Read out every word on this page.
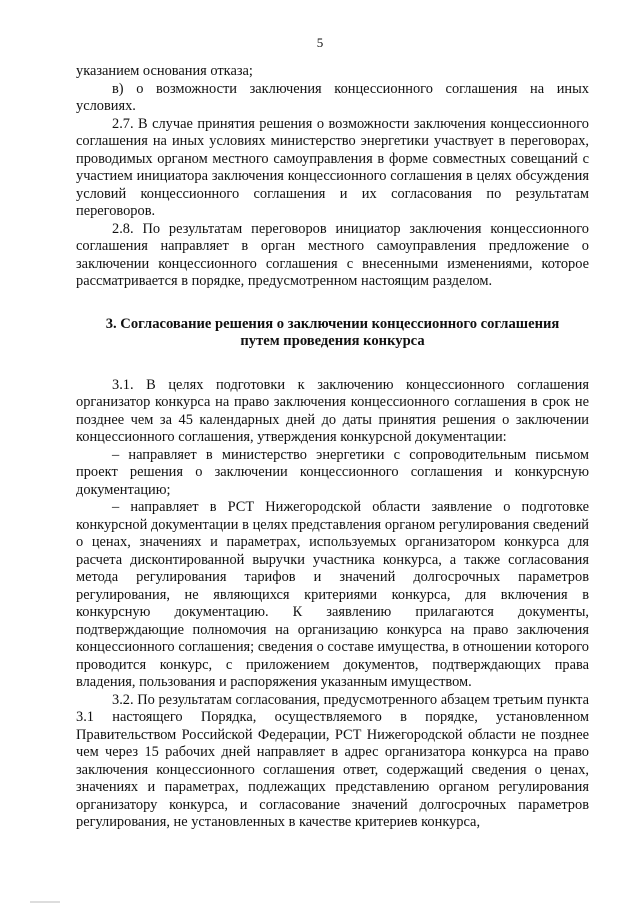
5

указанием основания отказа;

в) о возможности заключения концессионного соглашения на иных условиях.

2.7. В случае принятия решения о возможности заключения концессионного соглашения на иных условиях министерство энергетики участвует в переговорах, проводимых органом местного самоуправления в форме совместных совещаний с участием инициатора заключения концессионного соглашения в целях обсуждения условий концессионного соглашения и их согласования по результатам переговоров.

2.8. По результатам переговоров инициатор заключения концессионного соглашения направляет в орган местного самоуправления предложение о заключении концессионного соглашения с внесенными изменениями, которое рассматривается в порядке, предусмотренном настоящим разделом.

3. Согласование решения о заключении концессионного соглашения
путем проведения конкурса

3.1. В целях подготовки к заключению концессионного соглашения организатор конкурса на право заключения концессионного соглашения в срок не позднее чем за 45 календарных дней до даты принятия решения о заключении концессионного соглашения, утверждения конкурсной документации:

– направляет в министерство энергетики с сопроводительным письмом проект решения о заключении концессионного соглашения и конкурсную документацию;

– направляет в РСТ Нижегородской области заявление о подготовке конкурсной документации в целях представления органом регулирования сведений о ценах, значениях и параметрах, используемых организатором конкурса для расчета дисконтированной выручки участника конкурса, а также согласования метода регулирования тарифов и значений долгосрочных параметров регулирования, не являющихся критериями конкурса, для включения в конкурсную документацию. К заявлению прилагаются документы, подтверждающие полномочия на организацию конкурса на право заключения концессионного соглашения; сведения о составе имущества, в отношении которого проводится конкурс, с приложением документов, подтверждающих права владения, пользования и распоряжения указанным имуществом.

3.2. По результатам согласования, предусмотренного абзацем третьим пункта 3.1 настоящего Порядка, осуществляемого в порядке, установленном Правительством Российской Федерации, РСТ Нижегородской области не позднее чем через 15 рабочих дней направляет в адрес организатора конкурса на право заключения концессионного соглашения ответ, содержащий сведения о ценах, значениях и параметрах, подлежащих представлению органом регулирования организатору конкурса, и согласование значений долгосрочных параметров регулирования, не установленных в качестве критериев конкурса,
